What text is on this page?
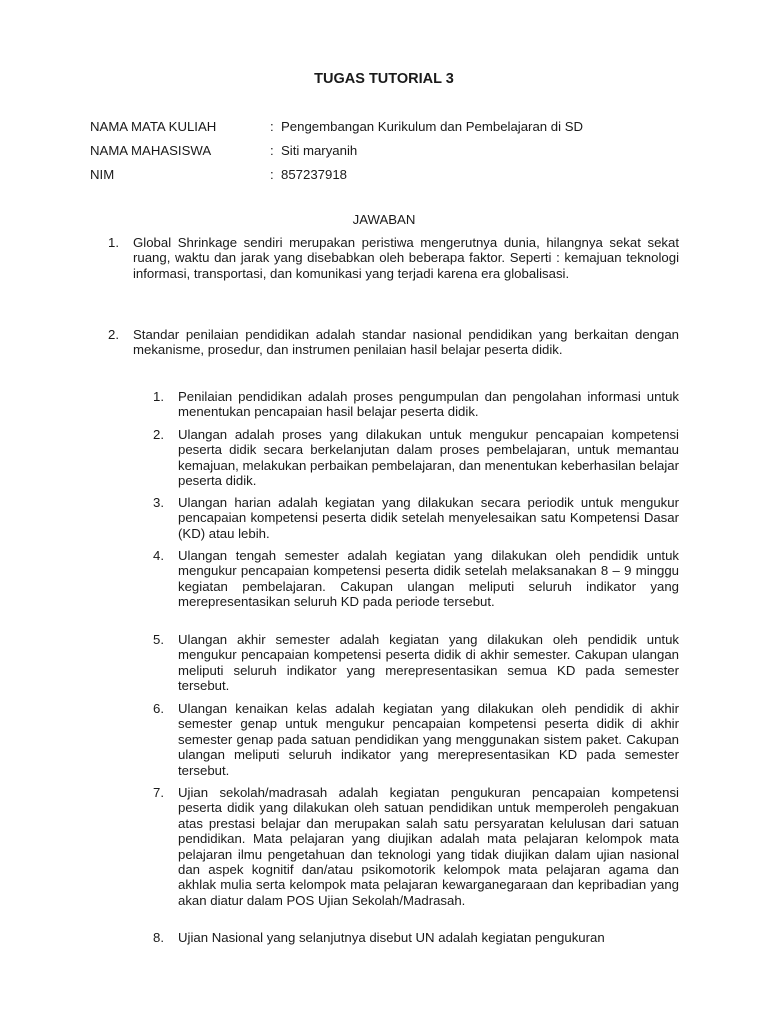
TUGAS TUTORIAL 3
NAMA MATA KULIAH	: Pengembangan Kurikulum dan Pembelajaran di SD
NAMA MAHASISWA	: Siti maryanih
NIM	: 857237918
JAWABAN
1. Global Shrinkage sendiri merupakan peristiwa mengerutnya dunia, hilangnya sekat sekat ruang, waktu dan jarak yang disebabkan oleh beberapa faktor. Seperti : kemajuan teknologi informasi, transportasi, dan komunikasi yang terjadi karena era globalisasi.
2. Standar penilaian pendidikan adalah standar nasional pendidikan yang berkaitan dengan mekanisme, prosedur, dan instrumen penilaian hasil belajar peserta didik.
1. Penilaian pendidikan adalah proses pengumpulan dan pengolahan informasi untuk menentukan pencapaian hasil belajar peserta didik.
2. Ulangan adalah proses yang dilakukan untuk mengukur pencapaian kompetensi peserta didik secara berkelanjutan dalam proses pembelajaran, untuk memantau kemajuan, melakukan perbaikan pembelajaran, dan menentukan keberhasilan belajar peserta didik.
3. Ulangan harian adalah kegiatan yang dilakukan secara periodik untuk mengukur pencapaian kompetensi peserta didik setelah menyelesaikan satu Kompetensi Dasar (KD) atau lebih.
4. Ulangan tengah semester adalah kegiatan yang dilakukan oleh pendidik untuk mengukur pencapaian kompetensi peserta didik setelah melaksanakan 8 – 9 minggu kegiatan pembelajaran. Cakupan ulangan meliputi seluruh indikator yang merepresentasikan seluruh KD pada periode tersebut.
5. Ulangan akhir semester adalah kegiatan yang dilakukan oleh pendidik untuk mengukur pencapaian kompetensi peserta didik di akhir semester. Cakupan ulangan meliputi seluruh indikator yang merepresentasikan semua KD pada semester tersebut.
6. Ulangan kenaikan kelas adalah kegiatan yang dilakukan oleh pendidik di akhir semester genap untuk mengukur pencapaian kompetensi peserta didik di akhir semester genap pada satuan pendidikan yang menggunakan sistem paket. Cakupan ulangan meliputi seluruh indikator yang merepresentasikan KD pada semester tersebut.
7. Ujian sekolah/madrasah adalah kegiatan pengukuran pencapaian kompetensi peserta didik yang dilakukan oleh satuan pendidikan untuk memperoleh pengakuan atas prestasi belajar dan merupakan salah satu persyaratan kelulusan dari satuan pendidikan. Mata pelajaran yang diujikan adalah mata pelajaran kelompok mata pelajaran ilmu pengetahuan dan teknologi yang tidak diujikan dalam ujian nasional dan aspek kognitif dan/atau psikomotorik kelompok mata pelajaran agama dan akhlak mulia serta kelompok mata pelajaran kewarganegaraan dan kepribadian yang akan diatur dalam POS Ujian Sekolah/Madrasah.
8. Ujian Nasional yang selanjutnya disebut UN adalah kegiatan pengukuran
